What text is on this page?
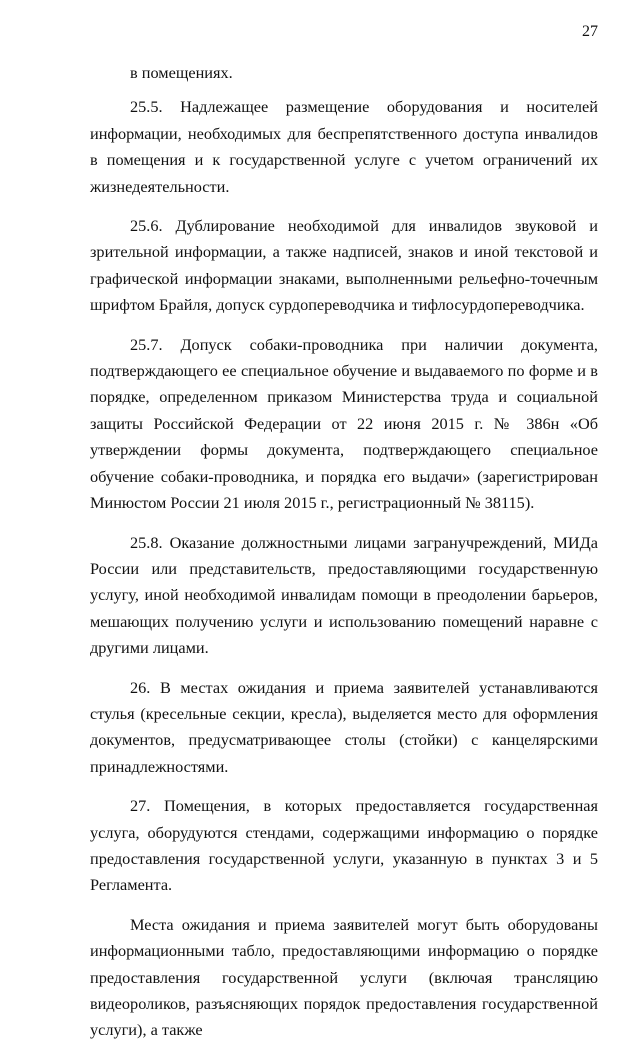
27

в помещениях.

25.5. Надлежащее размещение оборудования и носителей информации, необходимых для беспрепятственного доступа инвалидов в помещения и к государственной услуге с учетом ограничений их жизнедеятельности.

25.6. Дублирование необходимой для инвалидов звуковой и зрительной информации, а также надписей, знаков и иной текстовой и графической информации знаками, выполненными рельефно-точечным шрифтом Брайля, допуск сурдопереводчика и тифлосурдопереводчика.

25.7. Допуск собаки-проводника при наличии документа, подтверждающего ее специальное обучение и выдаваемого по форме и в порядке, определенном приказом Министерства труда и социальной защиты Российской Федерации от 22 июня 2015 г. № 386н «Об утверждении формы документа, подтверждающего специальное обучение собаки-проводника, и порядка его выдачи» (зарегистрирован Минюстом России 21 июля 2015 г., регистрационный № 38115).

25.8. Оказание должностными лицами загранучреждений, МИДа России или представительств, предоставляющими государственную услугу, иной необходимой инвалидам помощи в преодолении барьеров, мешающих получению услуги и использованию помещений наравне с другими лицами.

26. В местах ожидания и приема заявителей устанавливаются стулья (кресельные секции, кресла), выделяется место для оформления документов, предусматривающее столы (стойки) с канцелярскими принадлежностями.

27. Помещения, в которых предоставляется государственная услуга, оборудуются стендами, содержащими информацию о порядке предоставления государственной услуги, указанную в пунктах 3 и 5 Регламента.

Места ожидания и приема заявителей могут быть оборудованы информационными табло, предоставляющими информацию о порядке предоставления государственной услуги (включая трансляцию видеороликов, разъясняющих порядок предоставления государственной услуги), а также
